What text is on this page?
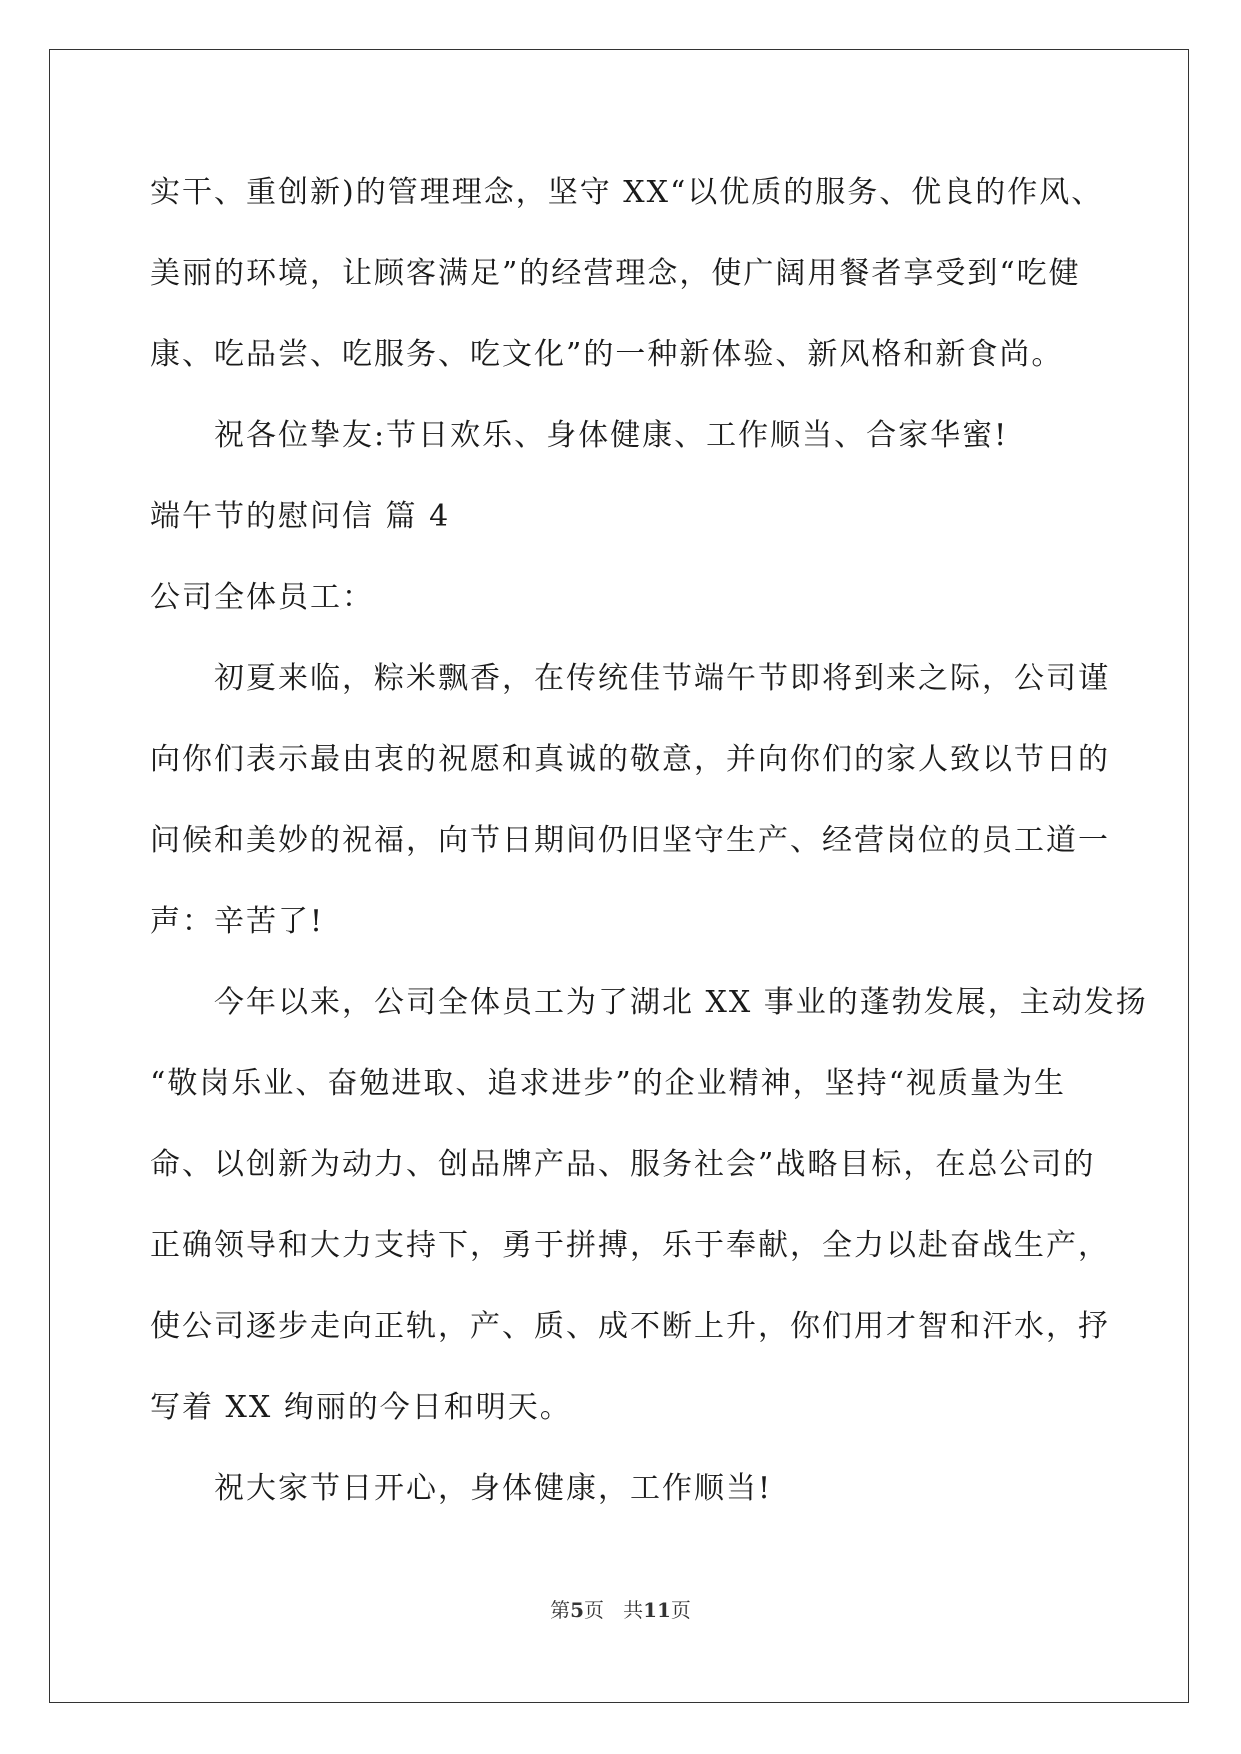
实干、重创新)的管理理念，坚守 XX“以优质的服务、优良的作风、
美丽的环境，让顾客满足”的经营理念，使广阔用餐者享受到“吃健
康、吃品尝、吃服务、吃文化”的一种新体验、新风格和新食尚。
祝各位挚友:节日欢乐、身体健康、工作顺当、合家华蜜!
端午节的慰问信 篇 4
公司全体员工：
初夏来临，粽米飘香，在传统佳节端午节即将到来之际，公司谨
向你们表示最由衷的祝愿和真诚的敬意，并向你们的家人致以节日的
问候和美妙的祝福，向节日期间仍旧坚守生产、经营岗位的员工道一
声：辛苦了!
今年以来，公司全体员工为了湖北 XX 事业的蓬勃发展，主动发扬
“敬岗乐业、奋勉进取、追求进步”的企业精神，坚持“视质量为生
命、以创新为动力、创品牌产品、服务社会”战略目标，在总公司的
正确领导和大力支持下，勇于拼搏，乐于奉献，全力以赴奋战生产，
使公司逐步走向正轨，产、质、成不断上升，你们用才智和汗水，抒
写着 XX 绚丽的今日和明天。
祝大家节日开心，身体健康，工作顺当!
第5页 共11页
